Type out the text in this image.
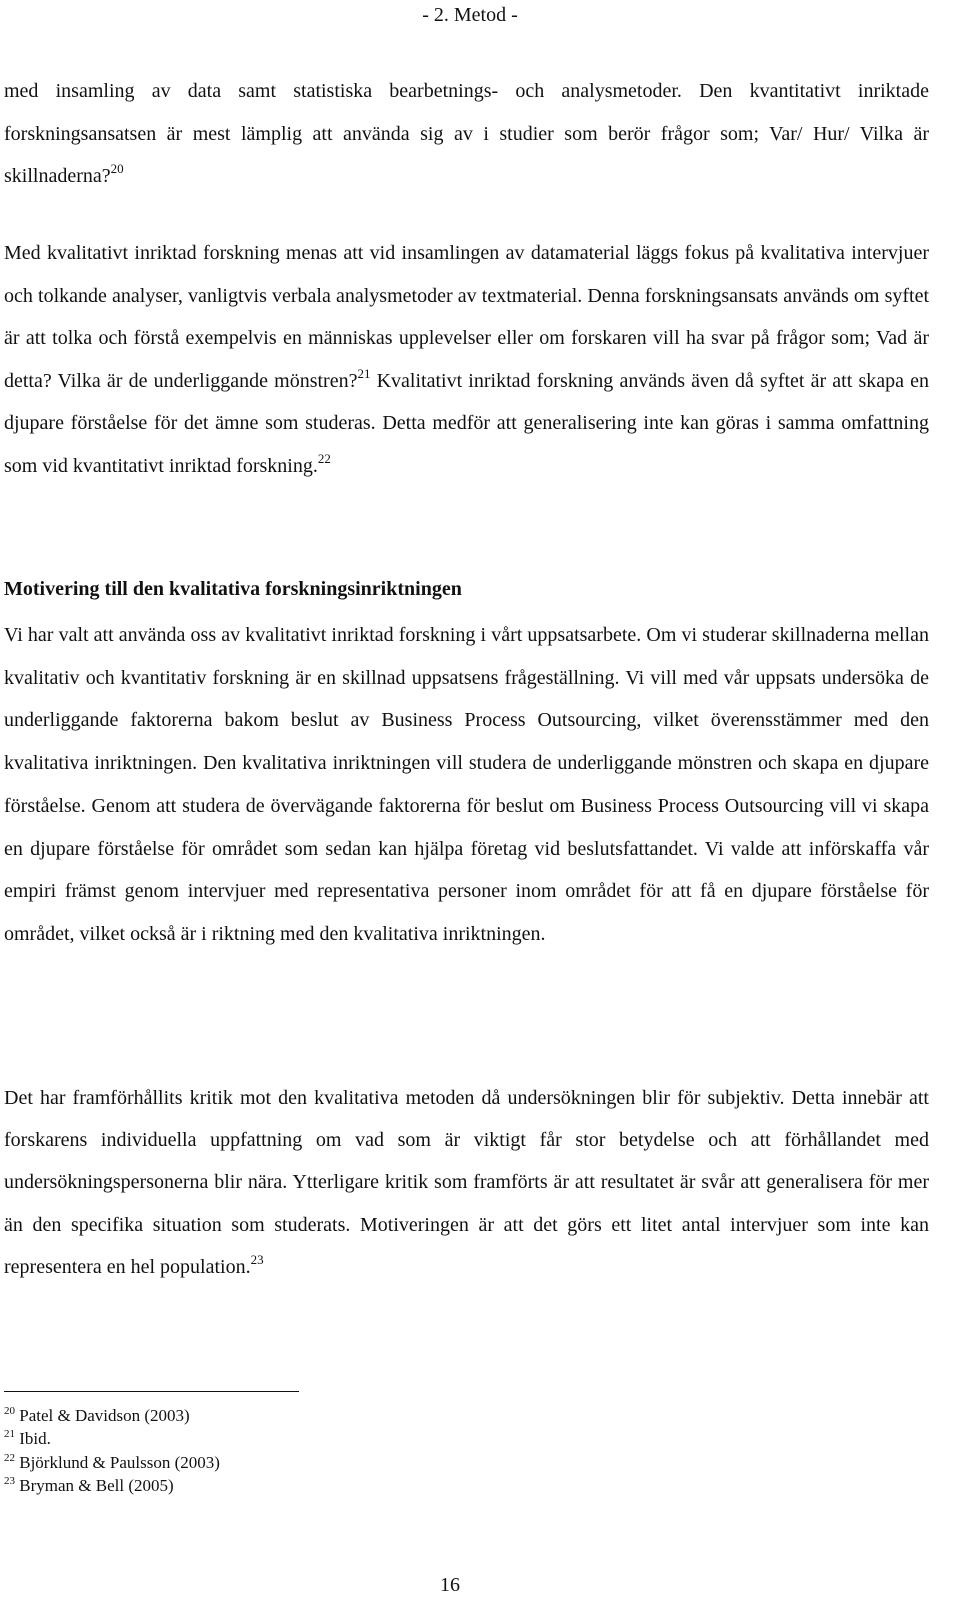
- 2. Metod -

med insamling av data samt statistiska bearbetnings- och analysmetoder. Den kvantitativt inriktade forskningsansatsen är mest lämplig att använda sig av i studier som berör frågor som; Var/ Hur/ Vilka är skillnaderna?$^{20}$

Med kvalitativt inriktad forskning menas att vid insamlingen av datamaterial läggs fokus på kvalitativa intervjuer och tolkande analyser, vanligtvis verbala analysmetoder av textmaterial. Denna forskningsansats används om syftet är att tolka och förstå exempelvis en människas upplevelser eller om forskaren vill ha svar på frågor som; Vad är detta? Vilka är de underliggande mönstren?$^{21}$ Kvalitativt inriktad forskning används även då syftet är att skapa en djupare förståelse för det ämne som studeras. Detta medför att generalisering inte kan göras i samma omfattning som vid kvantitativt inriktad forskning.$^{22}$

Motivering till den kvalitativa forskningsinriktningen

Vi har valt att använda oss av kvalitativt inriktad forskning i vårt uppsatsarbete. Om vi studerar skillnaderna mellan kvalitativ och kvantitativ forskning är en skillnad uppsatsens frågeställning. Vi vill med vår uppsats undersöka de underliggande faktorerna bakom beslut av Business Process Outsourcing, vilket överensstämmer med den kvalitativa inriktningen. Den kvalitativa inriktningen vill studera de underliggande mönstren och skapa en djupare förståelse. Genom att studera de övervägande faktorerna för beslut om Business Process Outsourcing vill vi skapa en djupare förståelse för området som sedan kan hjälpa företag vid beslutsfattandet. Vi valde att införskaffa vår empiri främst genom intervjuer med representativa personer inom området för att få en djupare förståelse för området, vilket också är i riktning med den kvalitativa inriktningen.

Det har framförhållits kritik mot den kvalitativa metoden då undersökningen blir för subjektiv. Detta innebär att forskarens individuella uppfattning om vad som är viktigt får stor betydelse och att förhållandet med undersökningspersonerna blir nära. Ytterligare kritik som framförts är att resultatet är svår att generalisera för mer än den specifika situation som studerats. Motiveringen är att det görs ett litet antal intervjuer som inte kan representera en hel population.$^{23}$

$^{20}$ Patel & Davidson (2003)
$^{21}$ Ibid.
$^{22}$ Björklund & Paulsson (2003)
$^{23}$ Bryman & Bell (2005)
16
